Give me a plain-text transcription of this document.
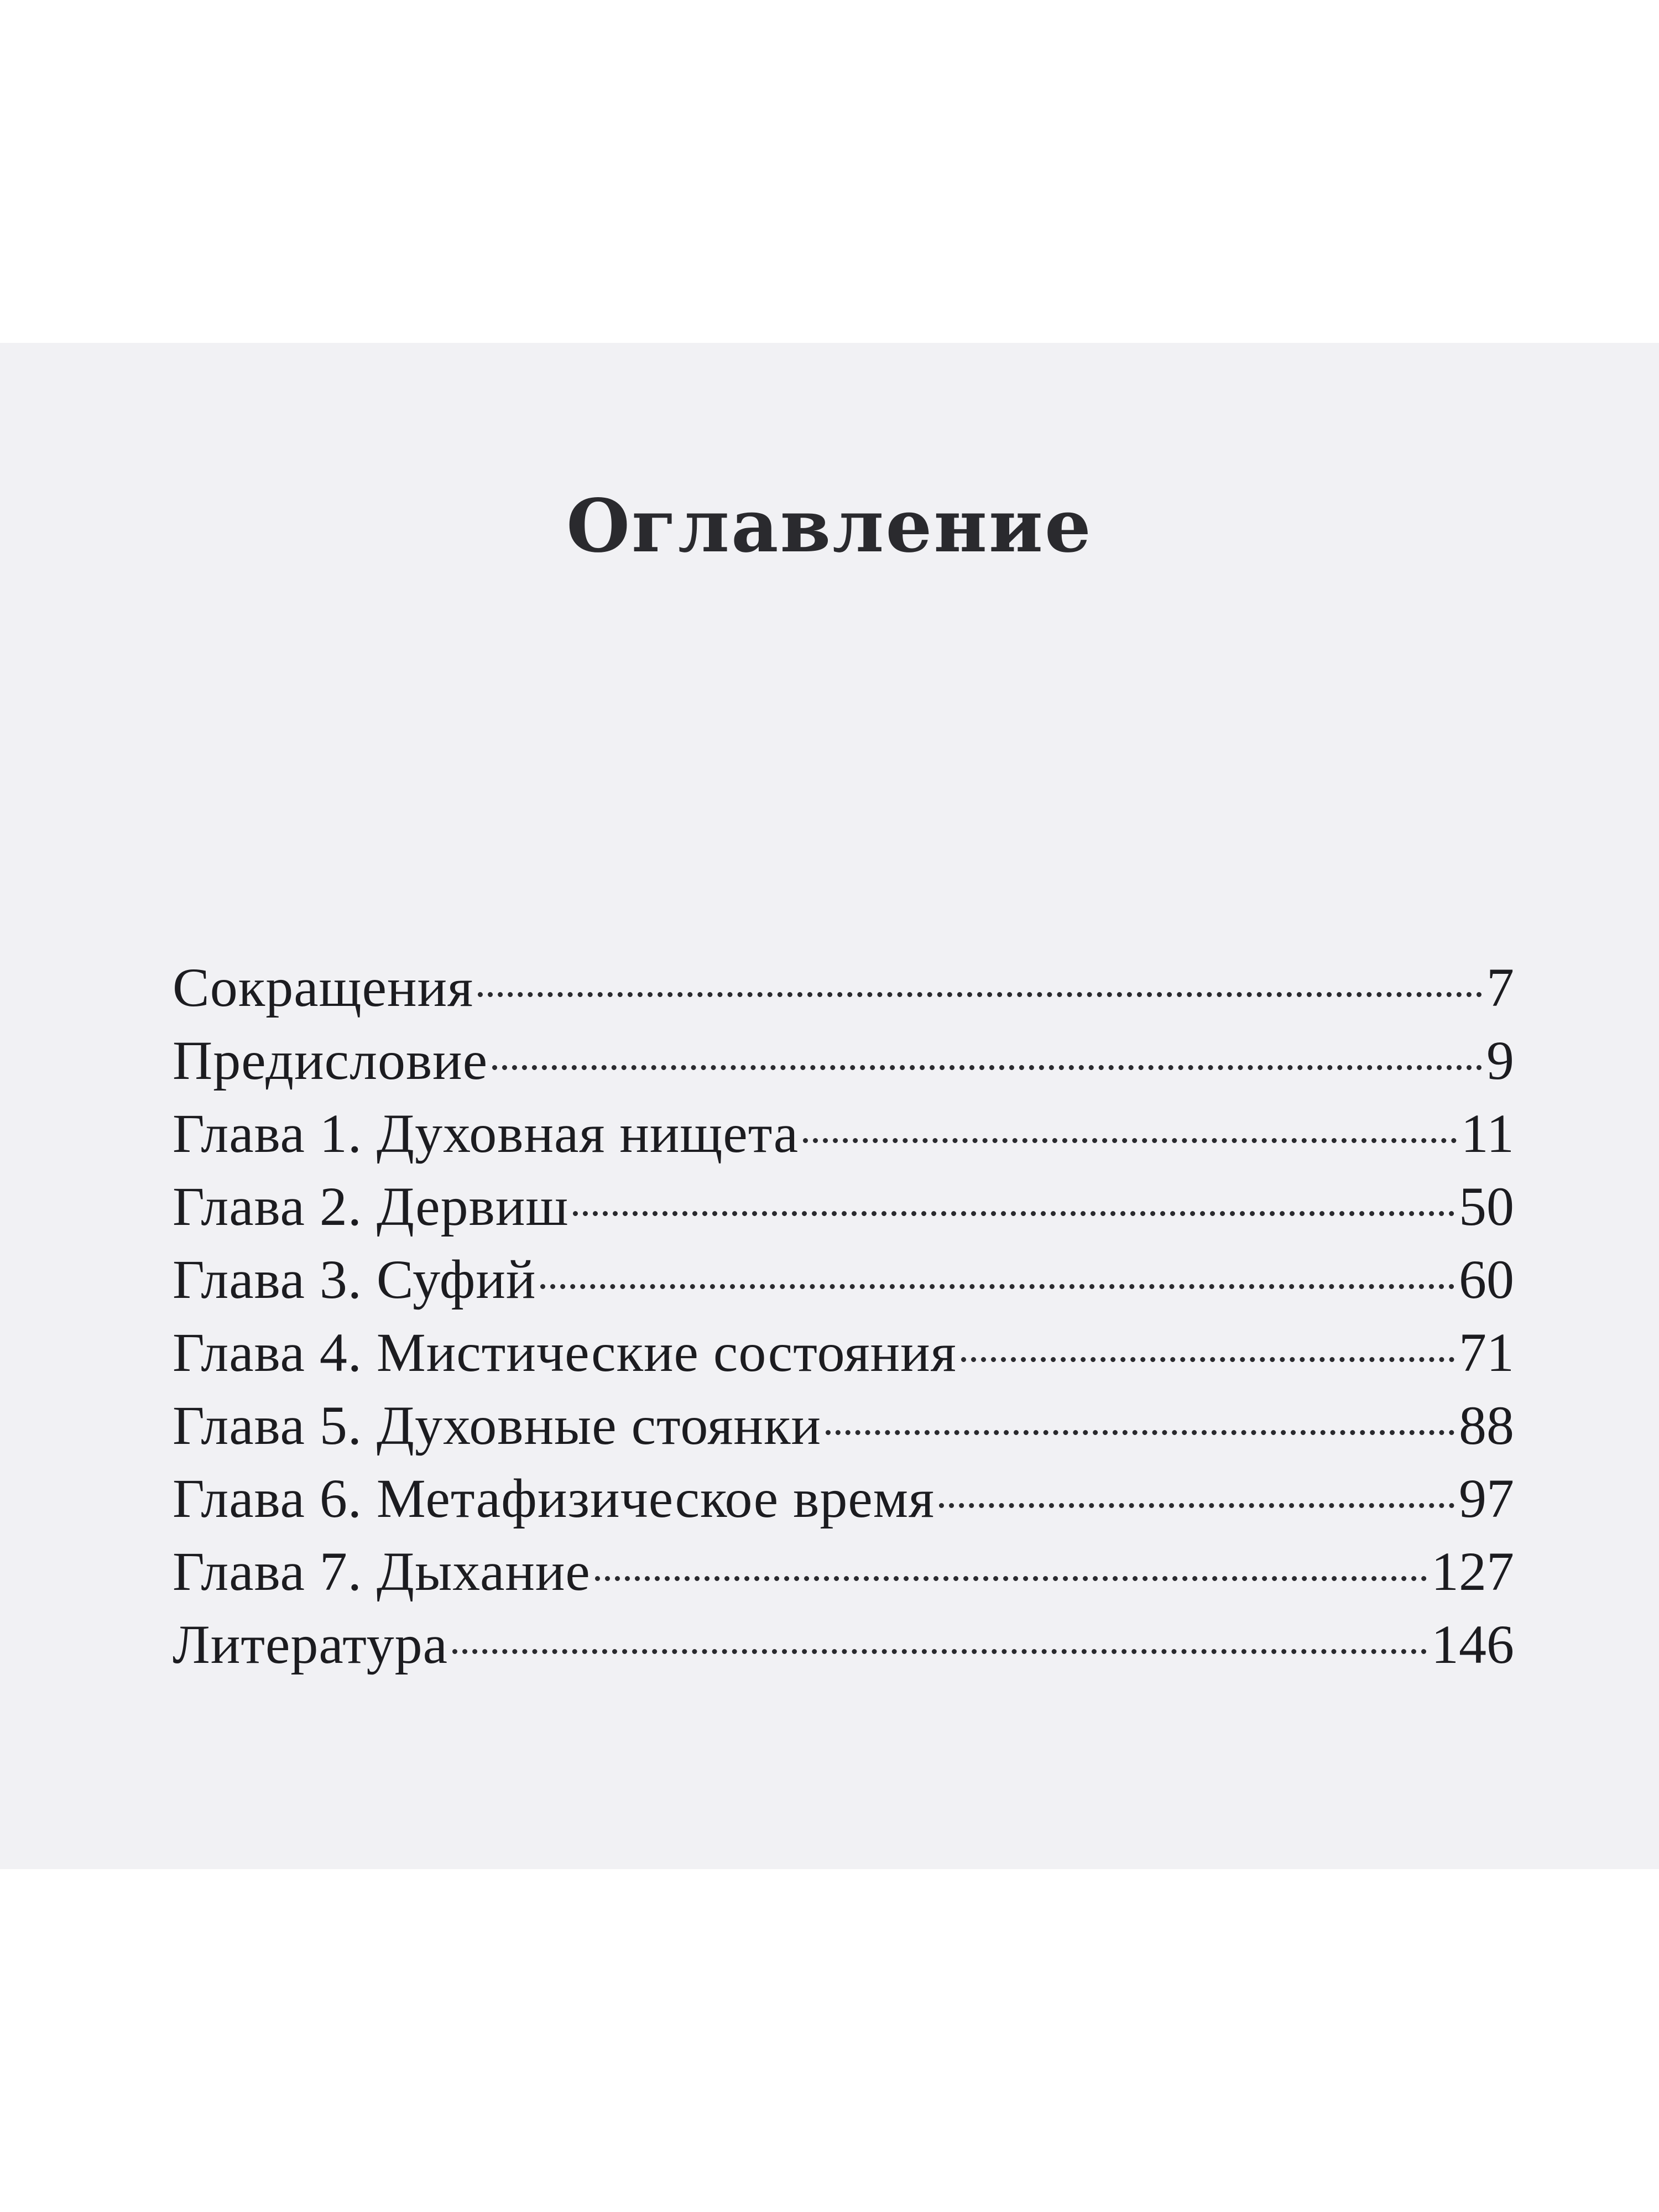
Оглавление
Сокращения	7
Предисловие	9
Глава 1. Духовная нищета	11
Глава 2. Дервиш	50
Глава 3. Суфий	60
Глава 4. Мистические состояния	71
Глава 5. Духовные стоянки	88
Глава 6. Метафизическое время	97
Глава 7. Дыхание	127
Литература	146
